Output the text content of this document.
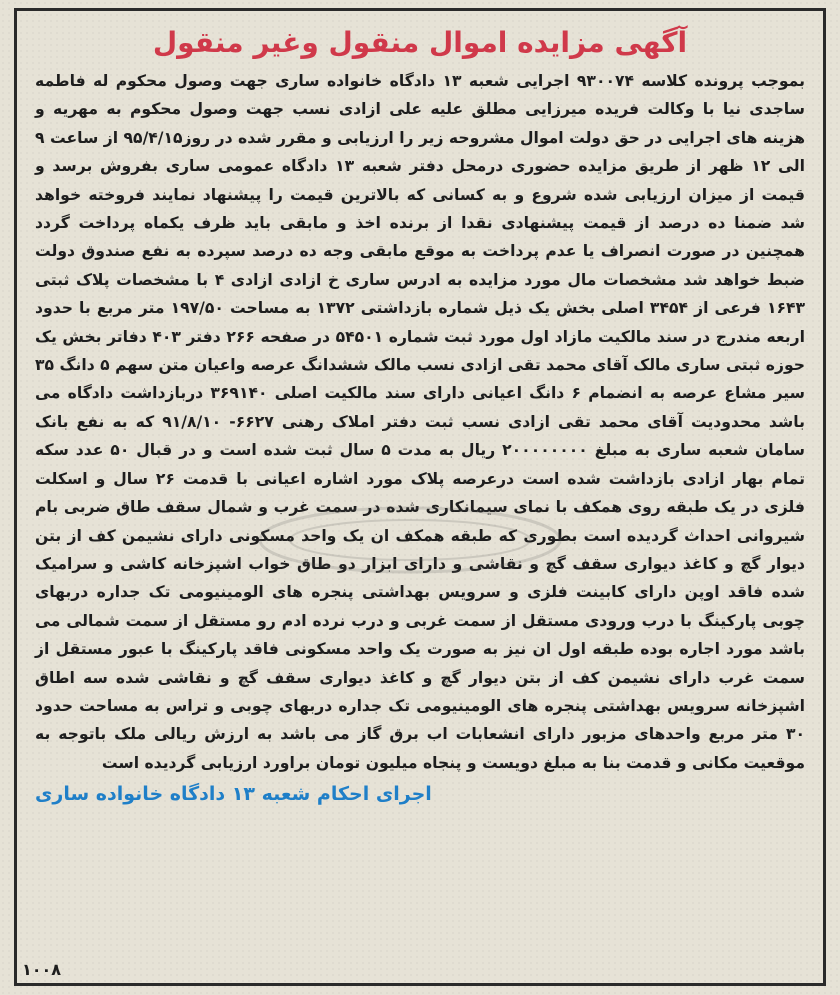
آگهی مزایده اموال منقول وغیر منقول

بموجب پرونده کلاسه ۹۳۰۰۷۴ اجرایی شعبه ۱۳ دادگاه خانواده ساری جهت وصول محکوم له فاطمه ساجدی نیا با وکالت فریده میرزایی مطلق علیه علی ازادی نسب جهت وصول محکوم به مهریه و هزینه های اجرایی در حق دولت اموال مشروحه زیر را ارزیابی و مقرر شده در روز۹۵/۴/۱۵ از ساعت ۹ الی ۱۲ ظهر از طریق مزایده حضوری درمحل دفتر شعبه ۱۳ دادگاه عمومی ساری بفروش برسد و قیمت از میزان ارزیابی شده شروع و به کسانی که بالاترین قیمت را پیشنهاد نمایند فروخته خواهد شد ضمنا ده درصد از قیمت پیشنهادی نقدا از برنده اخذ و مابقی باید ظرف یکماه پرداخت گردد همچنین در صورت انصراف یا عدم پرداخت به موقع مابقی وجه ده درصد سپرده به نفع صندوق دولت ضبط خواهد شد مشخصات مال مورد مزایده به ادرس ساری خ ازادی ازادی ۴ با مشخصات پلاک ثبتی ۱۶۴۳ فرعی از ۳۴۵۴ اصلی بخش یک ذیل شماره بازداشتی ۱۳۷۲ به مساحت ۱۹۷/۵۰ متر مربع با حدود اربعه مندرج در سند مالکیت مازاد اول مورد ثبت شماره ۵۴۵۰۱ در صفحه ۲۶۶ دفتر ۴۰۳ دفاتر بخش یک حوزه ثبتی ساری مالک آقای محمد تقی ازادی نسب مالک ششدانگ عرصه واعیان متن سهم ۵ دانگ ۳۵ سیر مشاع عرصه به انضمام ۶ دانگ اعیانی دارای سند مالکیت اصلی ۳۶۹۱۴۰ دربازداشت دادگاه می باشد محدودیت آقای محمد تقی ازادی نسب ثبت دفتر املاک رهنی ۶۶۲۷- ۹۱/۸/۱۰ که به نفع بانک سامان شعبه ساری به مبلغ ۲۰۰۰۰۰۰۰۰ ریال به مدت ۵ سال ثبت شده است و در قبال ۵۰ عدد سکه تمام بهار ازادی بازداشت شده است درعرصه پلاک مورد اشاره اعیانی با قدمت ۲۶ سال و اسکلت فلزی در یک طبقه روی همکف با نمای سیمانکاری شده در سمت غرب و شمال سقف طاق ضربی بام شیروانی احداث گردیده است بطوری که طبقه همکف ان یک واحد مسکونی دارای نشیمن کف از بتن دیوار گچ و کاغذ دیواری سقف گچ و نقاشی و دارای ابزار دو طاق خواب اشپزخانه کاشی و سرامیک شده فاقد اوپن دارای کابینت فلزی و سرویس بهداشتی پنجره های الومینیومی تک جداره دربهای چوبی پارکینگ با درب ورودی مستقل از سمت غربی و درب نرده ادم رو مستقل از سمت شمالی می باشد مورد اجاره بوده طبقه اول ان نیز به صورت یک واحد مسکونی فاقد پارکینگ با عبور مستقل از سمت غرب دارای نشیمن کف از بتن دیوار گچ و کاغذ دیواری سقف گچ و نقاشی شده سه اطاق اشپزخانه سرویس بهداشتی پنجره های الومینیومی تک جداره دربهای چوبی و تراس به مساحت حدود ۳۰ متر مربع واحدهای مزبور دارای انشعابات اب برق گاز می باشد به ارزش ریالی ملک باتوجه به موقعیت مکانی و قدمت بنا به مبلغ دویست و پنجاه میلیون تومان براورد ارزیابی گردیده است

اجرای احکام شعبه ۱۳ دادگاه خانواده ساری
۱۰۰۸
